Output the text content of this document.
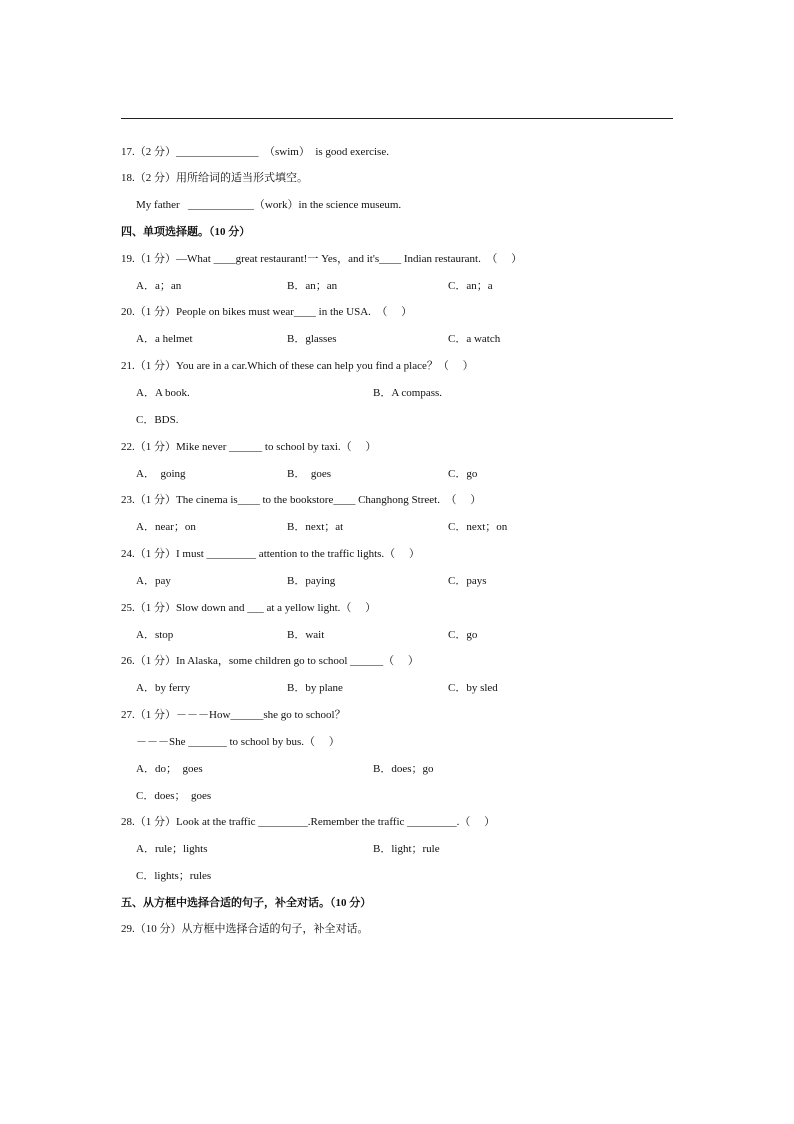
17.（2 分）_______________  （swim）  is good exercise.
18.（2 分）用所给词的适当形式填空。
My father   ____________（work）in the science museum.
四、单项选择题。（10 分）
19.（1 分）—What ____great restaurant!一 Yes，and it's____ Indian restaurant.  （     ）
A．a；an	B．an；an	C．an；a
20.（1 分）People on bikes must wear____ in the USA.  （     ）
A．a helmet	B．glasses	C．a watch
21.（1 分）You are in a car.Which of these can help you find a place？（     ）
A．A book.	B．A compass.
C．BDS.
22.（1 分）Mike never ______ to school by taxi.（     ）
A．  going	B．  goes	C．go
23.（1 分）The cinema is____ to the bookstore____ Changhong Street.  （     ）
A．near；on	B．next；at	C．next；on
24.（1 分）I must _________ attention to the traffic lights.（     ）
A．pay	B．paying	C．pays
25.（1 分）Slow down and ___ at a yellow light.（     ）
A．stop	B．wait	C．go
26.（1 分）In Alaska，some children go to school ______（     ）
A．by ferry	B．by plane	C．by sled
27.（1 分）－－－How______she go to school？
－－－She _______ to school by bus.（     ）
A．do；  goes	B．does；go
C．does；  goes
28.（1 分）Look at the traffic _________.Remember the traffic _________.（     ）
A．rule；lights	B．light；rule
C．lights；rules
五、从方框中选择合适的句子，补全对话。（10 分）
29.（10 分）从方框中选择合适的句子，补全对话。
